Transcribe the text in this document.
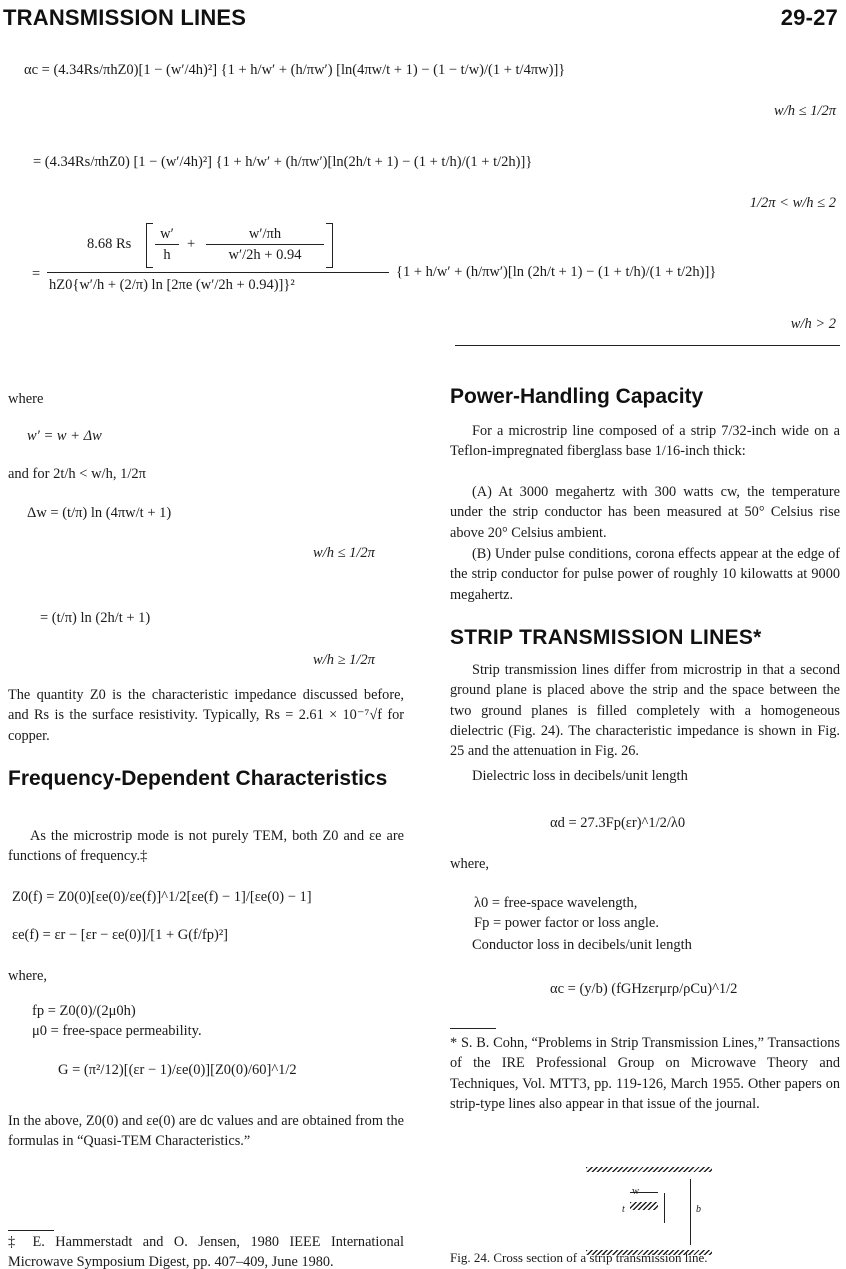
TRANSMISSION LINES	29-27
αc = (4.34Rs/πhZ0)[1 − (w′/4h)²] {1 + h/w′ + (h/πw′) [ln(4πw/t + 1) − (1 − t/w)/(1 + t/4πw)]}
w/h ≤ 1/2π
= (4.34Rs/πhZ0) [1 − (w′/4h)²] {1 + h/w′ + (h/πw′)[ln(2h/t + 1) − (1 + t/h)/(1 + t/2h)]}
1/2π < w/h ≤ 2
8.68 Rs
w′
h
+
w′/πh
w′/2h + 0.94
=
hZ0{w′/h + (2/π) ln [2πe (w′/2h + 0.94)]}²
{1 + h/w′ + (h/πw′)[ln (2h/t + 1) − (1 + t/h)/(1 + t/2h)]}
w/h > 2
where
w′ = w + Δw
and for 2t/h < w/h, 1/2π
Δw = (t/π) ln (4πw/t + 1)
w/h ≤ 1/2π
= (t/π) ln (2h/t + 1)
w/h ≥ 1/2π

The quantity Z0 is the characteristic impedance discussed before, and Rs is the surface resistivity. Typically, Rs = 2.61 × 10⁻⁷√f for copper.

Frequency-Dependent Characteristics

As the microstrip mode is not purely TEM, both Z0 and εe are functions of frequency.‡

Z0(f) = Z0(0)[εe(0)/εe(f)]^1/2[εe(f) − 1]/[εe(0) − 1]
εe(f) = εr − [εr − εe(0)]/[1 + G(f/fp)²]
where,
fp = Z0(0)/(2μ0h)
μ0 = free-space permeability.
G = (π²/12)[(εr − 1)/εe(0)][Z0(0)/60]^1/2

In the above, Z0(0) and εe(0) are dc values and are obtained from the formulas in “Quasi-TEM Characteristics.”

‡ E. Hammerstadt and O. Jensen, 1980 IEEE International Microwave Symposium Digest, pp. 407–409, June 1980.

Power-Handling Capacity

For a microstrip line composed of a strip 7/32-inch wide on a Teflon-impregnated fiberglass base 1/16-inch thick:

(A) At 3000 megahertz with 300 watts cw, the temperature under the strip conductor has been measured at 50° Celsius rise above 20° Celsius ambient.

(B) Under pulse conditions, corona effects appear at the edge of the strip conductor for pulse power of roughly 10 kilowatts at 9000 megahertz.

STRIP TRANSMISSION LINES*

Strip transmission lines differ from microstrip in that a second ground plane is placed above the strip and the space between the two ground planes is filled completely with a homogeneous dielectric (Fig. 24). The characteristic impedance is shown in Fig. 25 and the attenuation in Fig. 26.

Dielectric loss in decibels/unit length
αd = 27.3Fp(εr)^1/2/λ0
where,
λ0 = free-space wavelength,
Fp = power factor or loss angle.
Conductor loss in decibels/unit length
αc = (y/b) (fGHzεrμrρ/ρCu)^1/2

* S. B. Cohn, “Problems in Strip Transmission Lines,” Transactions of the IRE Professional Group on Microwave Theory and Techniques, Vol. MTT3, pp. 119-126, March 1955. Other papers on strip-type lines also appear in that issue of the journal.

t	b
Fig. 24. Cross section of a strip transmission line.
